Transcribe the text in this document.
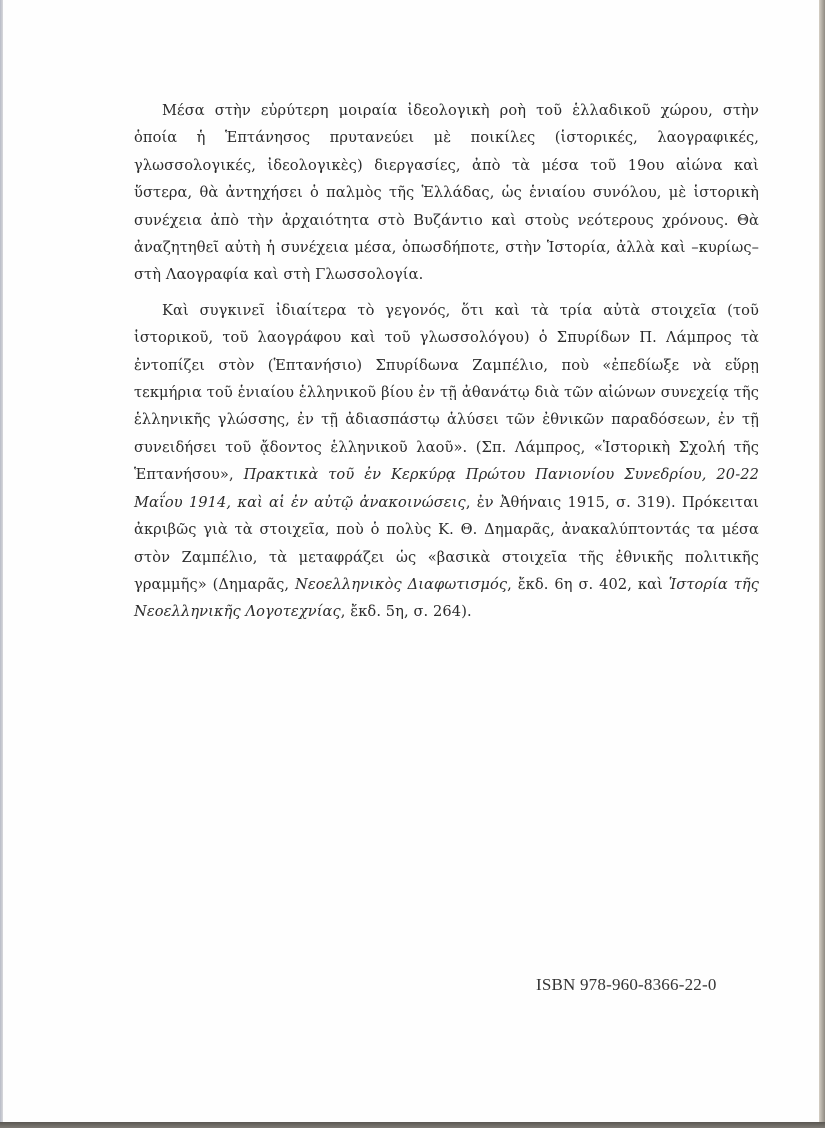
Μέσα στὴν εὐρύτερη μοιραία ἰδεολογικὴ ροὴ τοῦ ἑλλαδικοῦ χώρου, στὴν ὁποία ἡ Ἑπτάνησος πρυτανεύει μὲ ποικίλες (ἱστορικές, λαογραφικές, γλωσσολογικές, ἰδεολογικὲς) διεργασίες, ἀπὸ τὰ μέσα τοῦ 19ου αἰώνα καὶ ὕστερα, θὰ ἀντηχήσει ὁ παλμὸς τῆς Ἑλλάδας, ὡς ἑνιαίου συνόλου, μὲ ἱστορικὴ συνέχεια ἀπὸ τὴν ἀρχαιότητα στὸ Βυζάντιο καὶ στοὺς νεότερους χρόνους. Θὰ ἀναζητηθεῖ αὐτὴ ἡ συνέχεια μέσα, ὁπωσδήποτε, στὴν Ἱστορία, ἀλλὰ καὶ –κυρίως– στὴ Λαογραφία καὶ στὴ Γλωσσολογία.

Καὶ συγκινεῖ ἰδιαίτερα τὸ γεγονός, ὅτι καὶ τὰ τρία αὐτὰ στοιχεῖα (τοῦ ἱστορικοῦ, τοῦ λαογράφου καὶ τοῦ γλωσσολόγου) ὁ Σπυρίδων Π. Λάμπρος τὰ ἐντοπίζει στὸν (Ἑπτανήσιο) Σπυρίδωνα Ζαμπέλιο, ποὺ «ἐπεδίωξε νὰ εὕρῃ τεκμήρια τοῦ ἑνιαίου ἑλληνικοῦ βίου ἐν τῇ ἀθανάτῳ διὰ τῶν αἰώνων συνεχείᾳ τῆς ἑλληνικῆς γλώσσης, ἐν τῇ ἀδιασπάστῳ ἁλύσει τῶν ἐθνικῶν παραδόσεων, ἐν τῇ συνειδήσει τοῦ ᾄδοντος ἑλληνικοῦ λαοῦ». (Σπ. Λάμπρος, «Ἱστορικὴ Σχολή τῆς Ἑπτανήσου», Πρακτικὰ τοῦ ἐν Κερκύρᾳ Πρώτου Πανιονίου Συνεδρίου, 20-22 Μαΐου 1914, καὶ αἱ ἐν αὐτῷ ἀνακοινώσεις, ἐν Ἀθήναις 1915, σ. 319). Πρόκειται ἀκριβῶς γιὰ τὰ στοιχεῖα, ποὺ ὁ πολὺς Κ. Θ. Δημαρᾶς, ἀνακαλύπτοντάς τα μέσα στὸν Ζαμπέλιο, τὰ μεταφράζει ὡς «βασικὰ στοιχεῖα τῆς ἐθνικῆς πολιτικῆς γραμμῆς» (Δημαρᾶς, Νεοελληνικὸς Διαφωτισμός, ἔκδ. 6η σ. 402, καὶ Ἱστορία τῆς Νεοελληνικῆς Λογοτεχνίας, ἔκδ. 5η, σ. 264).

ISBN 978-960-8366-22-0
